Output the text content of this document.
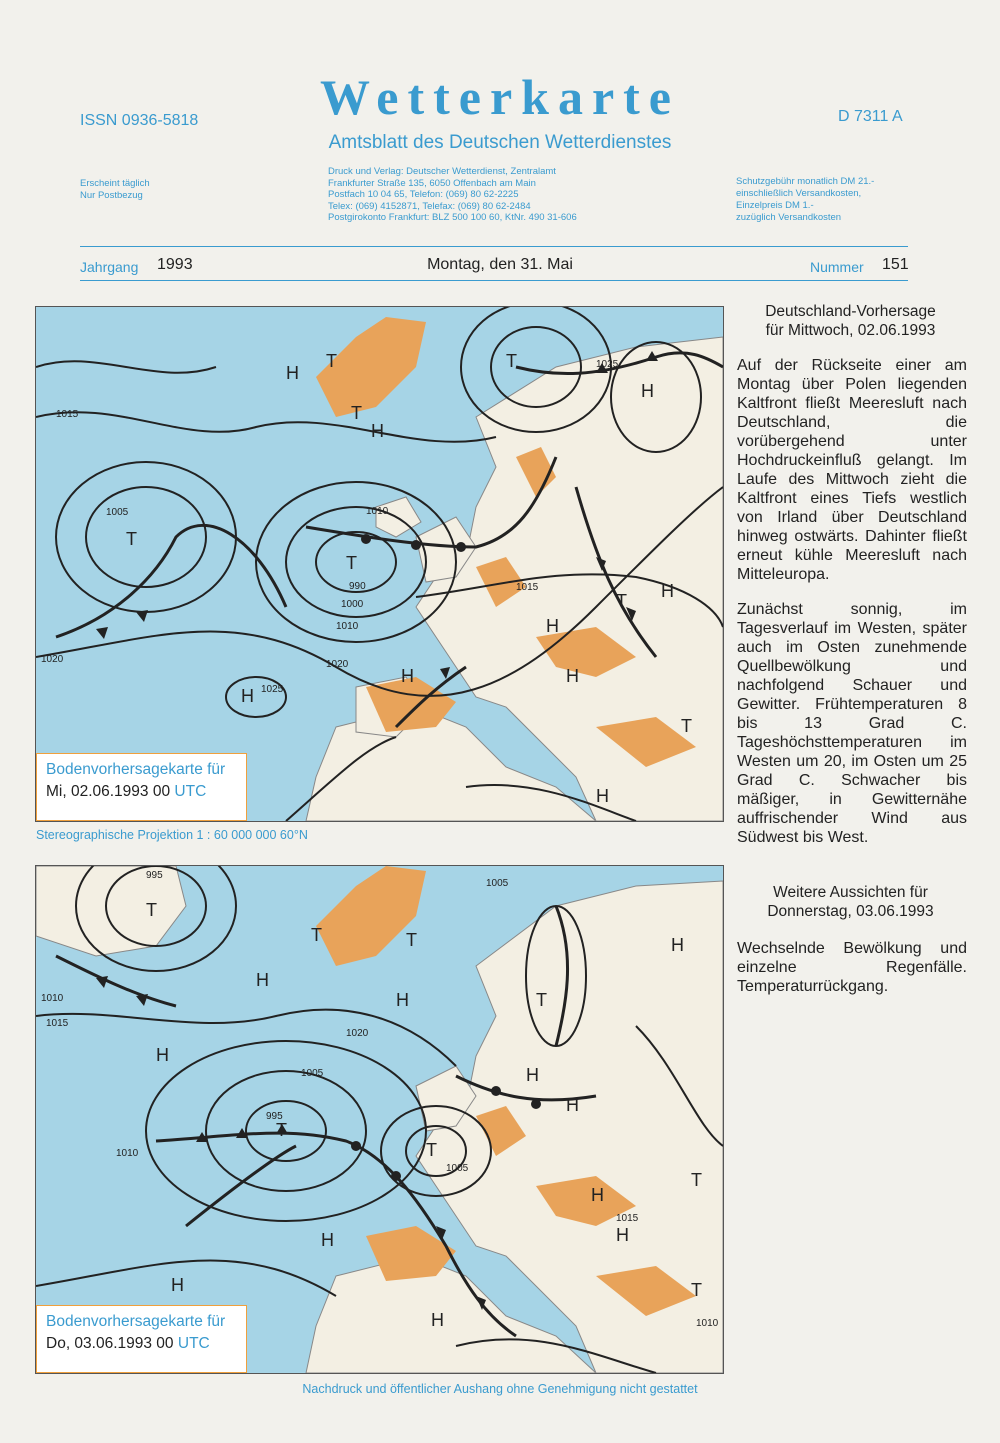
ISSN 0936-5818	Wetterkarte	D 7311 A
Amtsblatt des Deutschen Wetterdienstes
Erscheint täglich
Nur Postbezug
Druck und Verlag: Deutscher Wetterdienst, Zentralamt
Frankfurter Straße 135, 6050 Offenbach am Main
Postfach 10 04 65, Telefon: (069) 80 62-2225
Telex: (069) 4152871, Telefax: (069) 80 62-2484
Postgirokonto Frankfurt: BLZ 500 100 60, KtNr. 490 31-606
Schutzgebühr monatlich DM 21.-
einschließlich Versandkosten,
Einzelpreis DM 1.-
zuzüglich Versandkosten
Jahrgang 1993	Montag, den 31. Mai	Nummer 151
T
T
T
T
T
H
H
H
H
H
H
H
H
H
T
T
990
1000
1010
1010
1005
1015
1015
1025
1025
1020	1020
Bodenvorhersagekarte für
Mi, 02.06.1993 00 UTC
Stereographische Projektion 1 : 60 000 000 60°N
T
T
T
T
T	T
H
H
H
H
H
H
H
H
H
H
H
T
T
995
1005
1005
1020
1010
1015
1010
1015
1010
1005
995
Bodenvorhersagekarte für
Do, 03.06.1993 00 UTC
Deutschland-Vorhersage
für Mittwoch, 02.06.1993
Auf der Rückseite einer am Montag über Polen liegenden Kaltfront fließt Meeresluft nach Deutschland, die vorübergehend unter Hochdruckeinfluß gelangt. Im Laufe des Mittwoch zieht die Kaltfront eines Tiefs westlich von Irland über Deutschland hinweg ostwärts. Dahinter fließt erneut kühle Meeresluft nach Mitteleuropa.
Zunächst sonnig, im Tagesverlauf im Westen, später auch im Osten zunehmende Quellbewölkung und nachfolgend Schauer und Gewitter. Frühtemperaturen 8 bis 13 Grad C. Tageshöchsttemperaturen im Westen um 20, im Osten um 25 Grad C. Schwacher bis mäßiger, in Gewitternähe auffrischender Wind aus Südwest bis West.
Weitere Aussichten für
Donnerstag, 03.06.1993
Wechselnde Bewölkung und einzelne Regenfälle. Temperaturrückgang.
Nachdruck und öffentlicher Aushang ohne Genehmigung nicht gestattet
